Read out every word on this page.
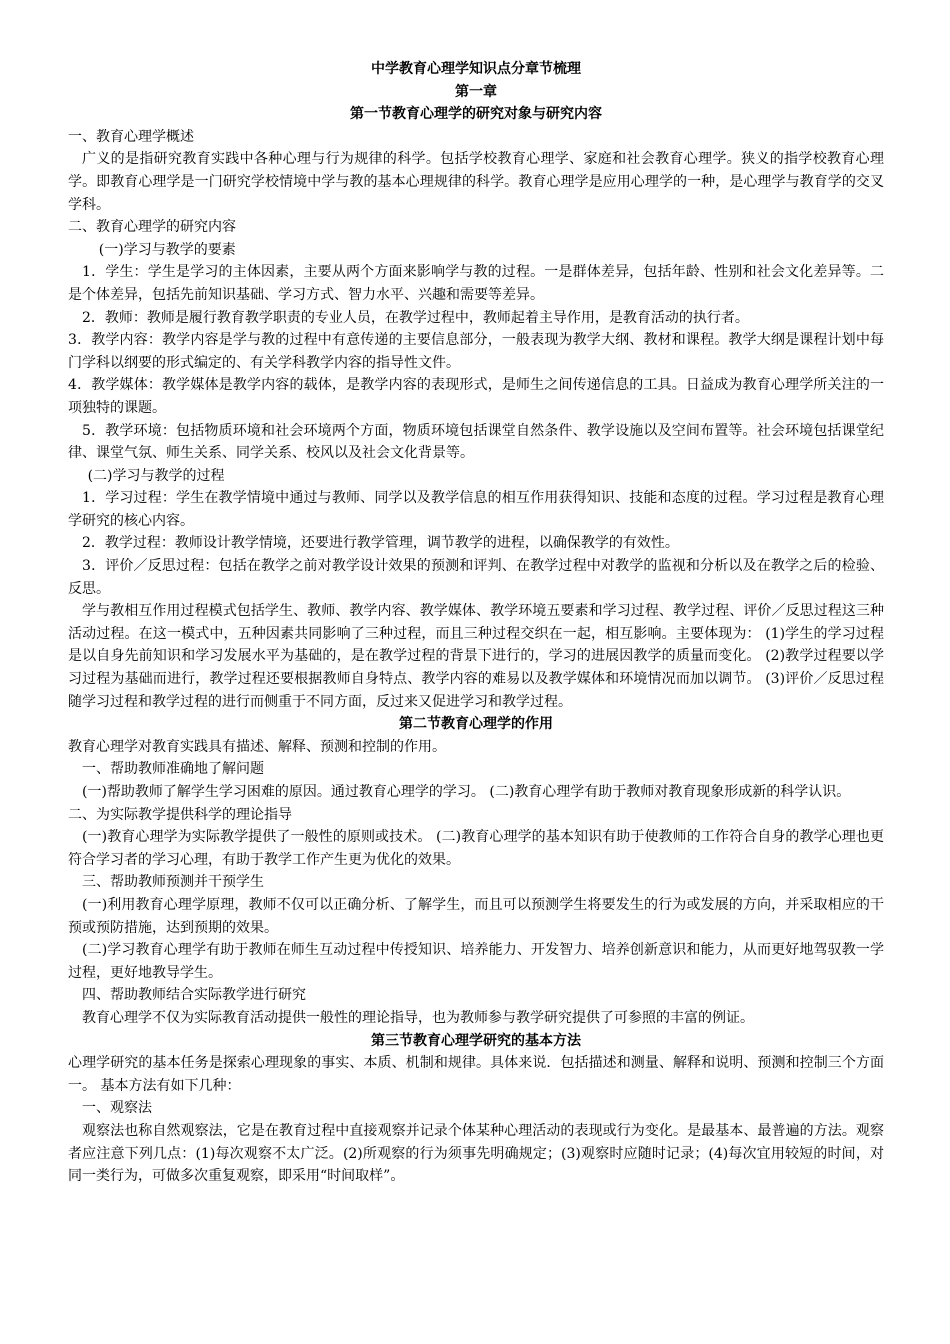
中学教育心理学知识点分章节梳理

第一章

第一节教育心理学的研究对象与研究内容

一、教育心理学概述

广义的是指研究教育实践中各种心理与行为规律的科学。包括学校教育心理学、家庭和社会教育心理学。狭义的指学校教育心理学。即教育心理学是一门研究学校情境中学与教的基本心理规律的科学。教育心理学是应用心理学的一种，是心理学与教育学的交叉学科。

二、教育心理学的研究内容

(一)学习与教学的要素

1．学生：学生是学习的主体因素，主要从两个方面来影响学与教的过程。一是群体差异，包括年龄、性别和社会文化差异等。二是个体差异，包括先前知识基础、学习方式、智力水平、兴趣和需要等差异。

2．教师：教师是履行教育教学职责的专业人员，在教学过程中，教师起着主导作用，是教育活动的执行者。

3．教学内容：教学内容是学与教的过程中有意传递的主要信息部分，一般表现为教学大纲、教材和课程。教学大纲是课程计划中每门学科以纲要的形式编定的、有关学科教学内容的指导性文件。

4．教学媒体：教学媒体是教学内容的载体，是教学内容的表现形式，是师生之间传递信息的工具。日益成为教育心理学所关注的一项独特的课题。

5．教学环境：包括物质环境和社会环境两个方面，物质环境包括课堂自然条件、教学设施以及空间布置等。社会环境包括课堂纪律、课堂气氛、师生关系、同学关系、校风以及社会文化背景等。

(二)学习与教学的过程

1．学习过程：学生在教学情境中通过与教师、同学以及教学信息的相互作用获得知识、技能和态度的过程。学习过程是教育心理学研究的核心内容。

2．教学过程：教师设计教学情境，还要进行教学管理，调节教学的进程，以确保教学的有效性。

3．评价／反思过程：包括在教学之前对教学设计效果的预测和评判、在教学过程中对教学的监视和分析以及在教学之后的检验、反思。

学与教相互作用过程模式包括学生、教师、教学内容、教学媒体、教学环境五要素和学习过程、教学过程、评价／反思过程这三种活动过程。在这一模式中，五种因素共同影响了三种过程，而且三种过程交织在一起，相互影响。主要体现为： (1)学生的学习过程是以自身先前知识和学习发展水平为基础的，是在教学过程的背景下进行的，学习的进展因教学的质量而变化。 (2)教学过程要以学习过程为基础而进行，教学过程还要根据教师自身特点、教学内容的难易以及教学媒体和环境情况而加以调节。 (3)评价／反思过程随学习过程和教学过程的进行而侧重于不同方面，反过来又促进学习和教学过程。

第二节教育心理学的作用

教育心理学对教育实践具有描述、解释、预测和控制的作用。

一、帮助教师准确地了解问题

(一)帮助教师了解学生学习困难的原因。通过教育心理学的学习。 (二)教育心理学有助于教师对教育现象形成新的科学认识。

二、为实际教学提供科学的理论指导

(一)教育心理学为实际教学提供了一般性的原则或技术。 (二)教育心理学的基本知识有助于使教师的工作符合自身的教学心理也更符合学习者的学习心理，有助于教学工作产生更为优化的效果。

三、帮助教师预测并干预学生

(一)利用教育心理学原理，教师不仅可以正确分析、了解学生，而且可以预测学生将要发生的行为或发展的方向，并采取相应的干预或预防措施，达到预期的效果。

(二)学习教育心理学有助于教师在师生互动过程中传授知识、培养能力、开发智力、培养创新意识和能力，从而更好地驾驭教一学过程，更好地教导学生。

四、帮助教师结合实际教学进行研究

教育心理学不仅为实际教育活动提供一般性的理论指导，也为教师参与教学研究提供了可参照的丰富的例证。

第三节教育心理学研究的基本方法

心理学研究的基本任务是探索心理现象的事实、本质、机制和规律。具体来说．包括描述和测量、解释和说明、预测和控制三个方面一。 基本方法有如下几种：

一、观察法

观察法也称自然观察法，它是在教育过程中直接观察并记录个体某种心理活动的表现或行为变化。是最基本、最普遍的方法。观察者应注意下列几点：(1)每次观察不太广泛。(2)所观察的行为须事先明确规定；(3)观察时应随时记录；(4)每次宜用较短的时间，对同一类行为，可做多次重复观察，即采用“时间取样”。
